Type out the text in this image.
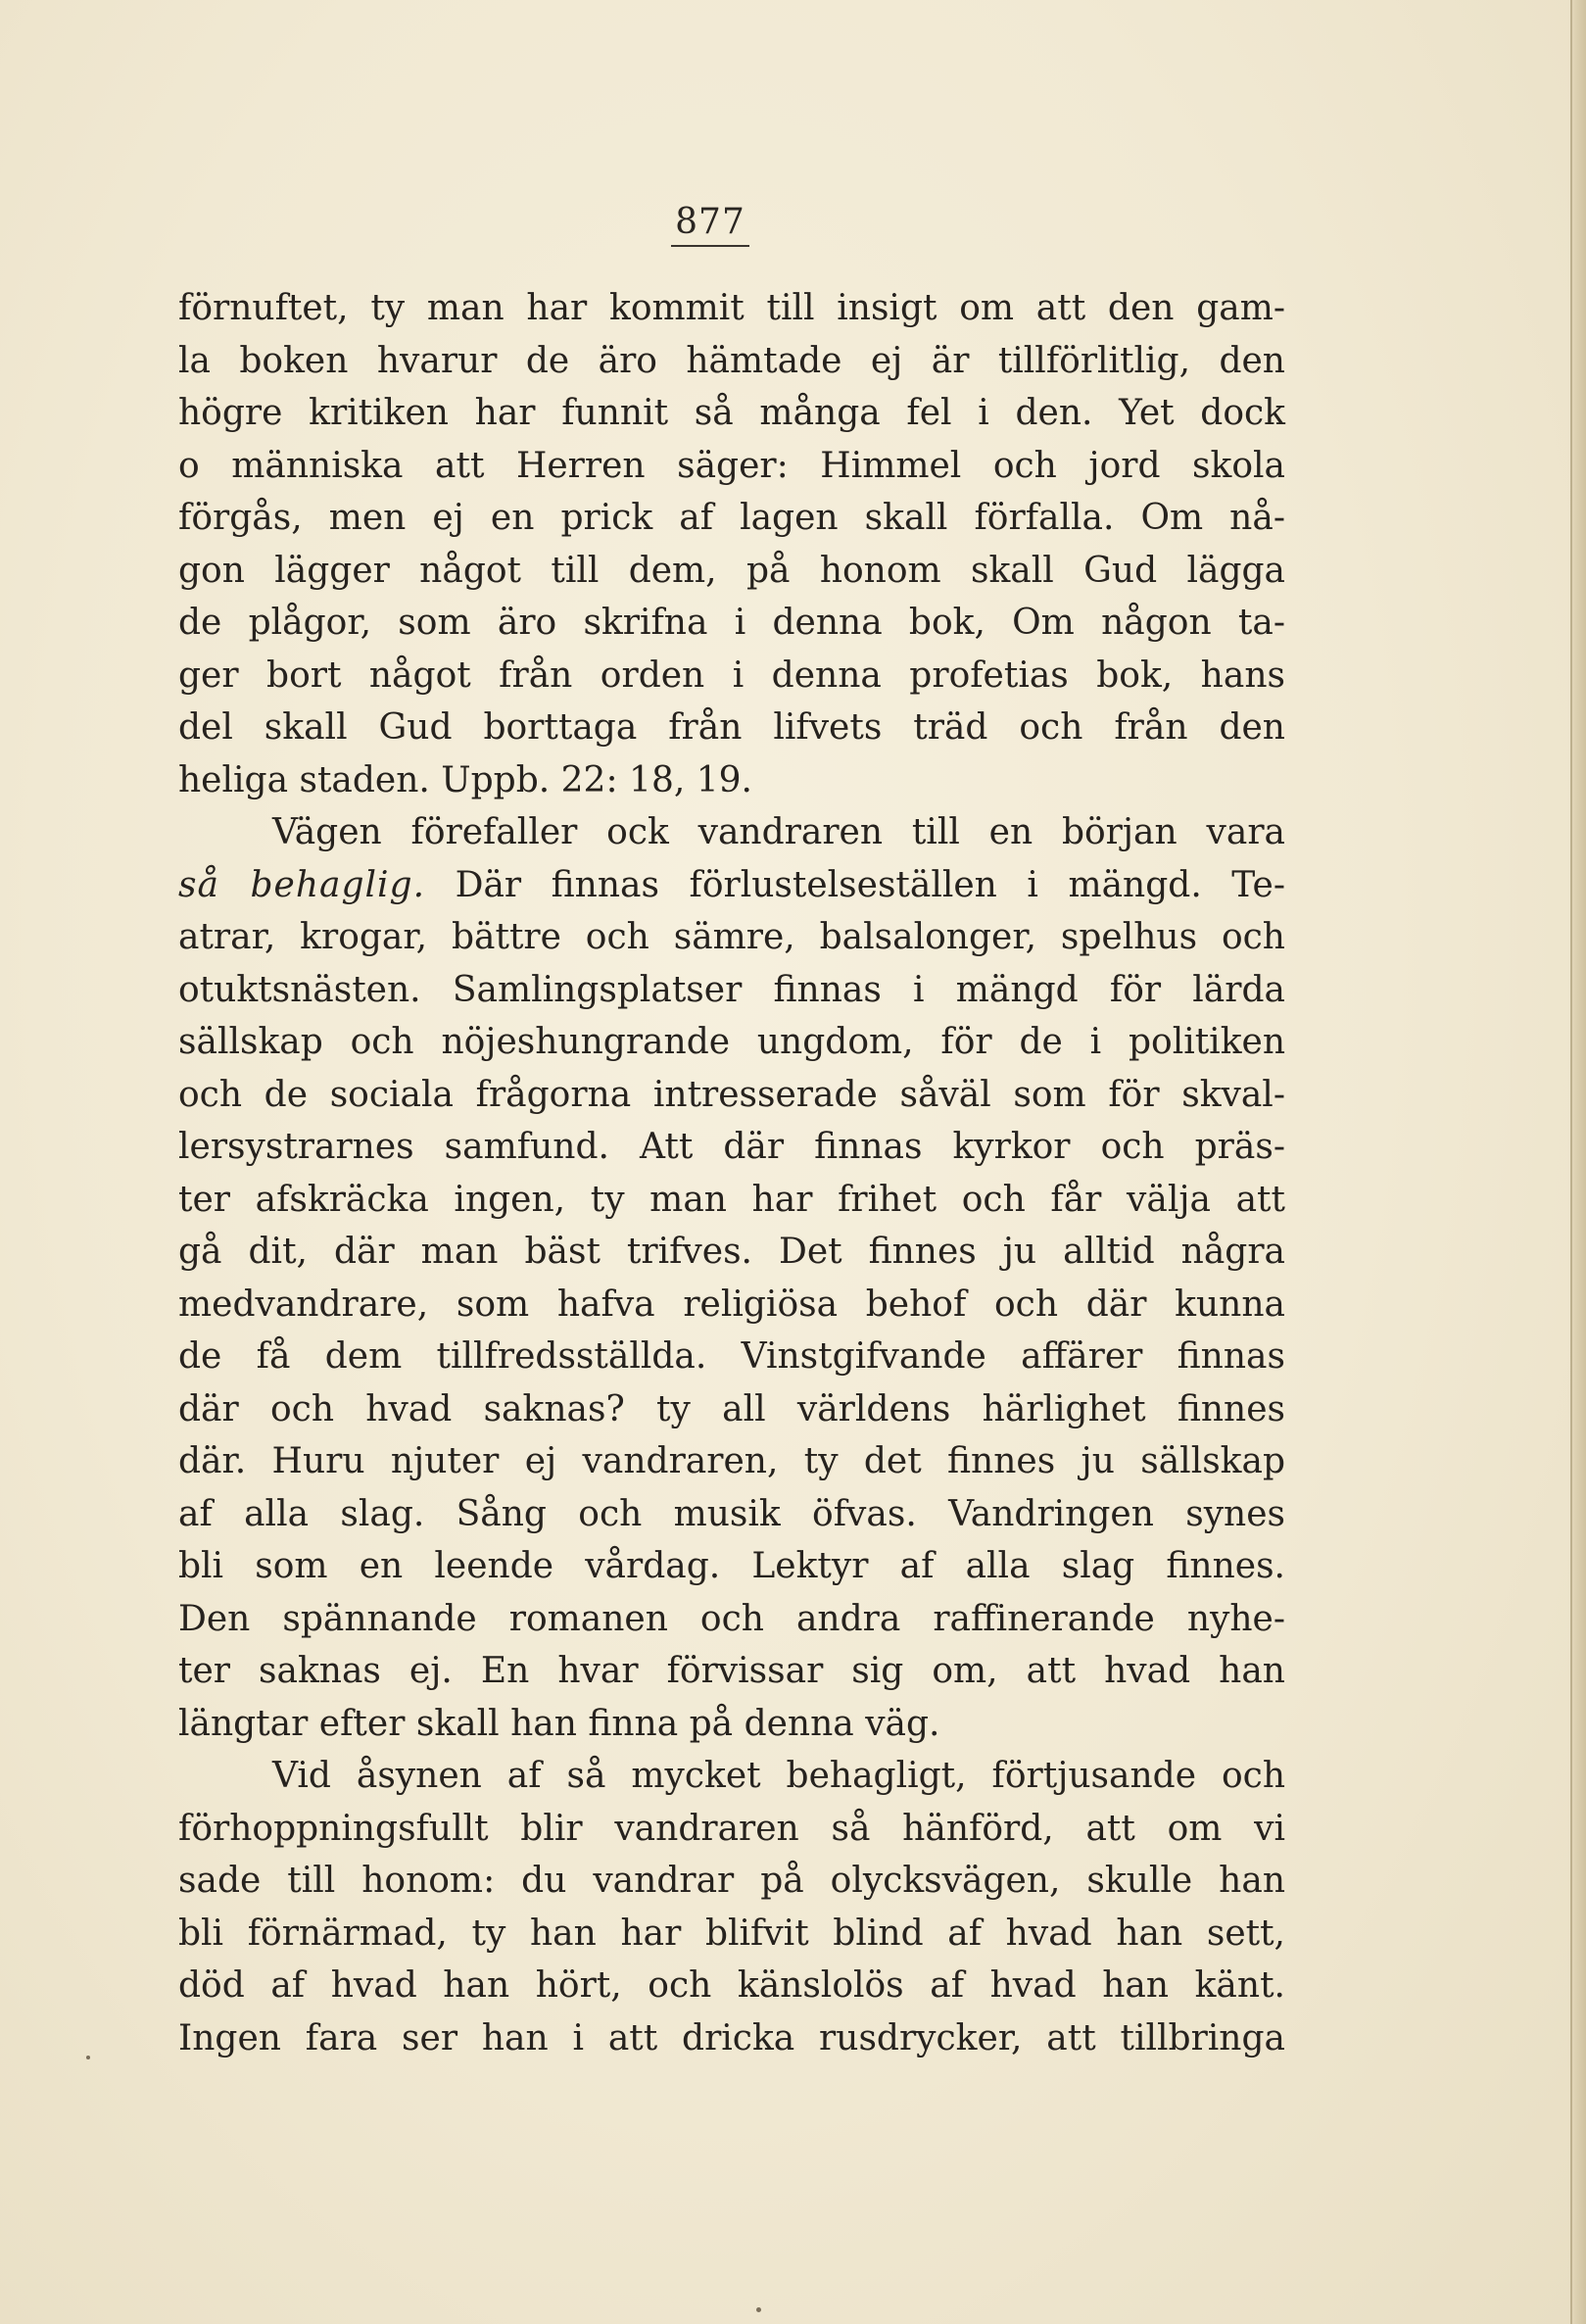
877
förnuftet, ty man har kommit till insigt om att den gam-
la boken hvarur de äro hämtade ej är tillförlitlig, den
högre kritiken har funnit så många fel i den. Yet dock
o människa att Herren säger: Himmel och jord skola
förgås, men ej en prick af lagen skall förfalla. Om nå-
gon lägger något till dem, på honom skall Gud lägga
de plågor, som äro skrifna i denna bok, Om någon ta-
ger bort något från orden i denna profetias bok, hans
del skall Gud borttaga från lifvets träd och från den
heliga staden. Uppb. 22: 18, 19.
Vägen förefaller ock vandraren till en början vara
så behaglig. Där finnas förlustelseställen i mängd. Te-
atrar, krogar, bättre och sämre, balsalonger, spelhus och
otuktsnästen. Samlingsplatser finnas i mängd för lärda
sällskap och nöjeshungrande ungdom, för de i politiken
och de sociala frågorna intresserade såväl som för skval-
lersystrarnes samfund. Att där finnas kyrkor och präs-
ter afskräcka ingen, ty man har frihet och får välja att
gå dit, där man bäst trifves. Det finnes ju alltid några
medvandrare, som hafva religiösa behof och där kunna
de få dem tillfredsställda. Vinstgifvande affärer finnas
där och hvad saknas? ty all världens härlighet finnes
där. Huru njuter ej vandraren, ty det finnes ju sällskap
af alla slag. Sång och musik öfvas. Vandringen synes
bli som en leende vårdag. Lektyr af alla slag finnes.
Den spännande romanen och andra raffinerande nyhe-
ter saknas ej. En hvar förvissar sig om, att hvad han
längtar efter skall han finna på denna väg.
Vid åsynen af så mycket behagligt, förtjusande och
förhoppningsfullt blir vandraren så hänförd, att om vi
sade till honom: du vandrar på olycksvägen, skulle han
bli förnärmad, ty han har blifvit blind af hvad han sett,
död af hvad han hört, och känslolös af hvad han känt.
Ingen fara ser han i att dricka rusdrycker, att tillbringa
